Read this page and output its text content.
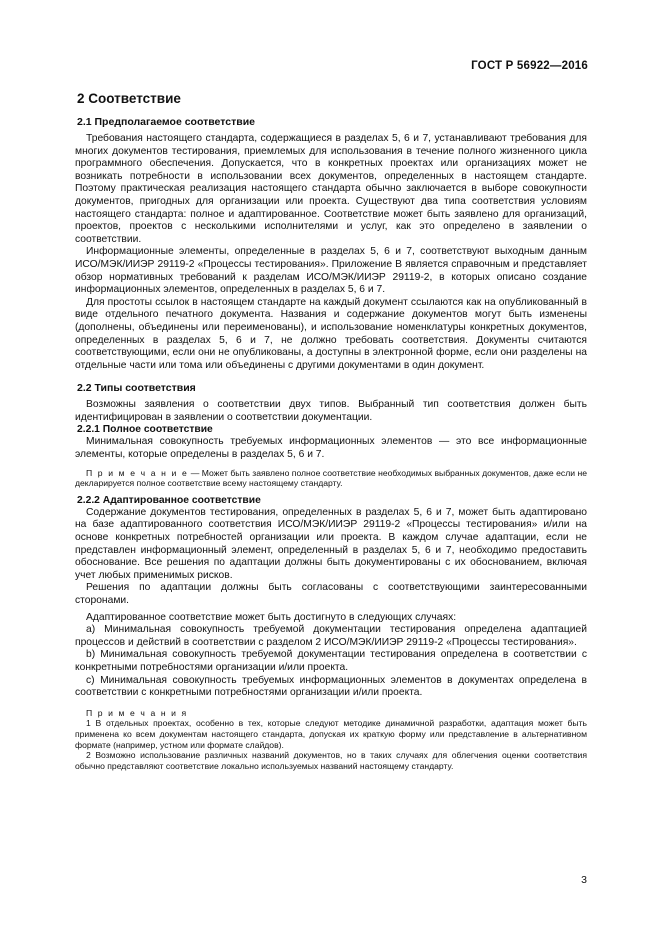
ГОСТ Р 56922—2016
2 Соответствие
2.1 Предполагаемое соответствие

Требования настоящего стандарта, содержащиеся в разделах 5, 6 и 7, устанавливают требования для многих документов тестирования, приемлемых для использования в течение полного жизненного цикла программного обеспечения. Допускается, что в конкретных проектах или организациях может не возникать потребности в использовании всех документов, определенных в настоящем стандарте. Поэтому практическая реализация настоящего стандарта обычно заключается в выборе совокупности документов, пригодных для организации или проекта. Существуют два типа соответствия условиям настоящего стандарта: полное и адаптированное. Соответствие может быть заявлено для организаций, проектов, проектов с несколькими исполнителями и услуг, как это определено в заявлении о соответствии.

Информационные элементы, определенные в разделах 5, 6 и 7, соответствуют выходным данным ИСО/МЭК/ИИЭР 29119-2 «Процессы тестирования». Приложение В является справочным и представляет обзор нормативных требований к разделам ИСО/МЭК/ИИЭР 29119-2, в которых описано создание информационных элементов, определенных в разделах 5, 6 и 7.

Для простоты ссылок в настоящем стандарте на каждый документ ссылаются как на опубликованный в виде отдельного печатного документа. Названия и содержание документов могут быть изменены (дополнены, объединены или переименованы), и использование номенклатуры конкретных документов, определенных в разделах 5, 6 и 7, не должно требовать соответствия. Документы считаются соответствующими, если они не опубликованы, а доступны в электронной форме, если они разделены на отдельные части или тома или объединены с другими документами в один документ.

2.2 Типы соответствия

Возможны заявления о соответствии двух типов. Выбранный тип соответствия должен быть идентифицирован в заявлении о соответствии документации.

2.2.1 Полное соответствие

Минимальная совокупность требуемых информационных элементов — это все информационные элементы, которые определены в разделах 5, 6 и 7.

П р и м е ч а н и е — Может быть заявлено полное соответствие необходимых выбранных документов, даже если не декларируется полное соответствие всему настоящему стандарту.
2.2.2 Адаптированное соответствие

Содержание документов тестирования, определенных в разделах 5, 6 и 7, может быть адаптировано на базе адаптированного соответствия ИСО/МЭК/ИИЭР 29119-2 «Процессы тестирования» и/или на основе конкретных потребностей организации или проекта. В каждом случае адаптации, если не представлен информационный элемент, определенный в разделах 5, 6 и 7, необходимо предоставить обоснование. Все решения по адаптации должны быть документированы с их обоснованием, включая учет любых применимых рисков.

Решения по адаптации должны быть согласованы с соответствующими заинтересованными сторонами.

Адаптированное соответствие может быть достигнуто в следующих случаях:

а) Минимальная совокупность требуемой документации тестирования определена адаптацией процессов и действий в соответствии с разделом 2 ИСО/МЭК/ИИЭР 29119-2 «Процессы тестирования».

b) Минимальная совокупность требуемой документации тестирования определена в соответствии с конкретными потребностями организации и/или проекта.

c) Минимальная совокупность требуемых информационных элементов в документах определена в соответствии с конкретными потребностями организации и/или проекта.

П р и м е ч а н и я
1 В отдельных проектах, особенно в тех, которые следуют методике динамичной разработки, адаптация может быть применена ко всем документам настоящего стандарта, допуская их краткую форму или представление в альтернативном формате (например, устном или формате слайдов).
2 Возможно использование различных названий документов, но в таких случаях для облегчения оценки соответствия обычно представляют соответствие локально используемых названий настоящему стандарту.
3
